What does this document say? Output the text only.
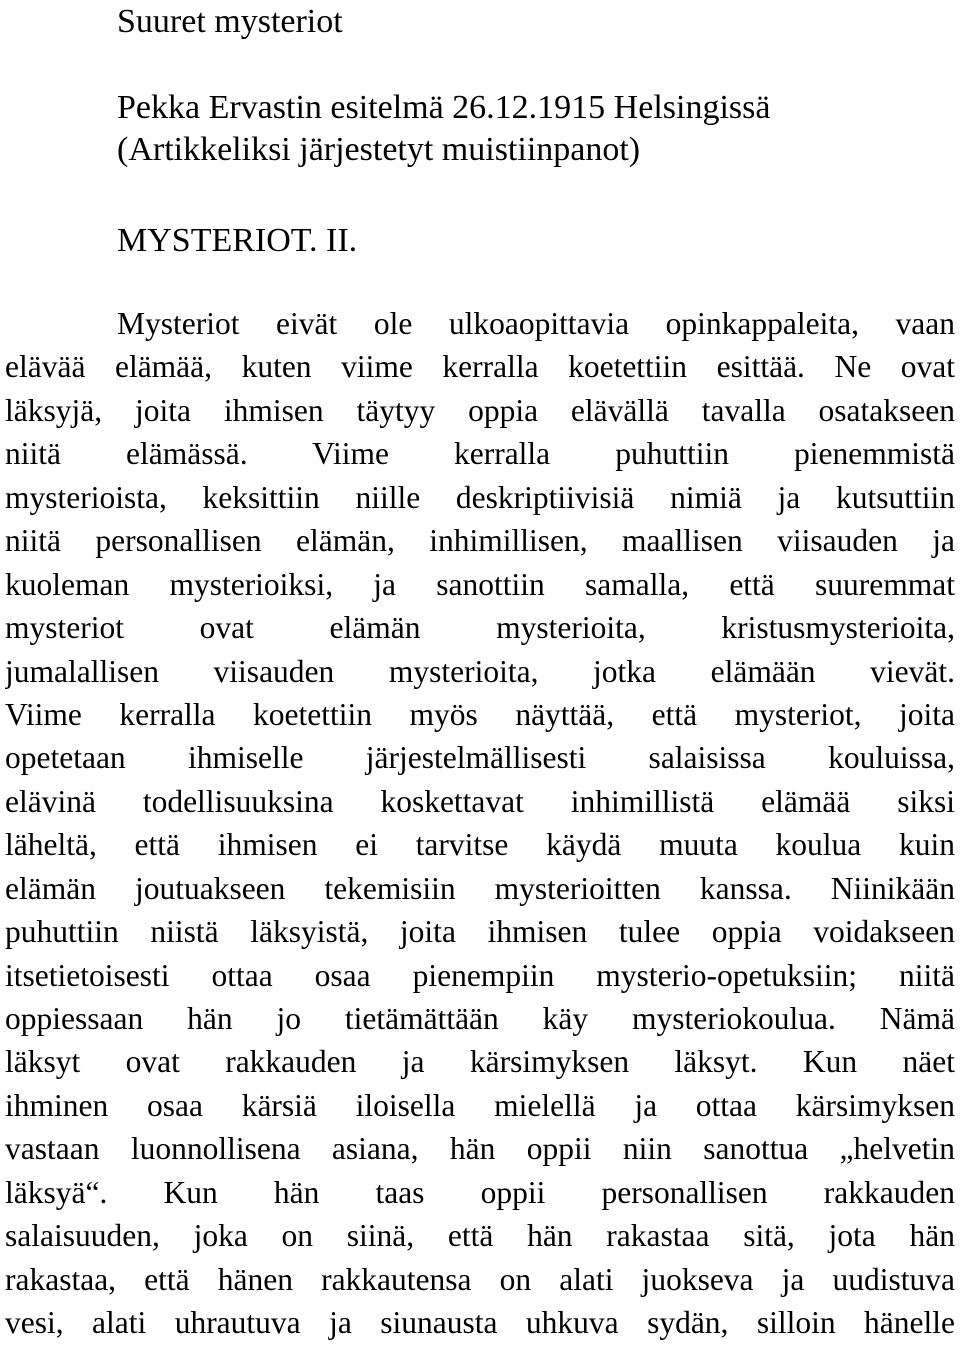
Suuret mysteriot
Pekka Ervastin esitelmä 26.12.1915 Helsingissä
(Artikkeliksi järjestetyt muistiinpanot)
MYSTERIOT. II.
Mysteriot eivät ole ulkoaopittavia opinkappaleita, vaan
elävää elämää, kuten viime kerralla koetettiin esittää. Ne ovat
läksyjä, joita ihmisen täytyy oppia elävällä tavalla osatakseen
niitä elämässä. Viime kerralla puhuttiin pienemmistä
mysterioista, keksittiin niille deskriptiivisiä nimiä ja kutsuttiin
niitä personallisen elämän, inhimillisen, maallisen viisauden ja
kuoleman mysterioiksi, ja sanottiin samalla, että suuremmat
mysteriot ovat elämän mysterioita, kristusmysterioita,
jumalallisen viisauden mysterioita, jotka elämään vievät.
Viime kerralla koetettiin myös näyttää, että mysteriot, joita
opetetaan ihmiselle järjestelmällisesti salaisissa kouluissa,
elävinä todellisuuksina koskettavat inhimillistä elämää siksi
läheltä, että ihmisen ei tarvitse käydä muuta koulua kuin
elämän joutuakseen tekemisiin mysterioitten kanssa. Niinikään
puhuttiin niistä läksyistä, joita ihmisen tulee oppia voidakseen
itsetietoisesti ottaa osaa pienempiin mysterio-opetuksiin; niitä
oppiessaan hän jo tietämättään käy mysteriokoulua. Nämä
läksyt ovat rakkauden ja kärsimyksen läksyt. Kun näet
ihminen osaa kärsiä iloisella mielellä ja ottaa kärsimyksen
vastaan luonnollisena asiana, hän oppii niin sanottua „helvetin
läksyä“. Kun hän taas oppii personallisen rakkauden
salaisuuden, joka on siinä, että hän rakastaa sitä, jota hän
rakastaa, että hänen rakkautensa on alati juokseva ja uudistuva
vesi, alati uhrautuva ja siunausta uhkuva sydän, silloin hänelle
